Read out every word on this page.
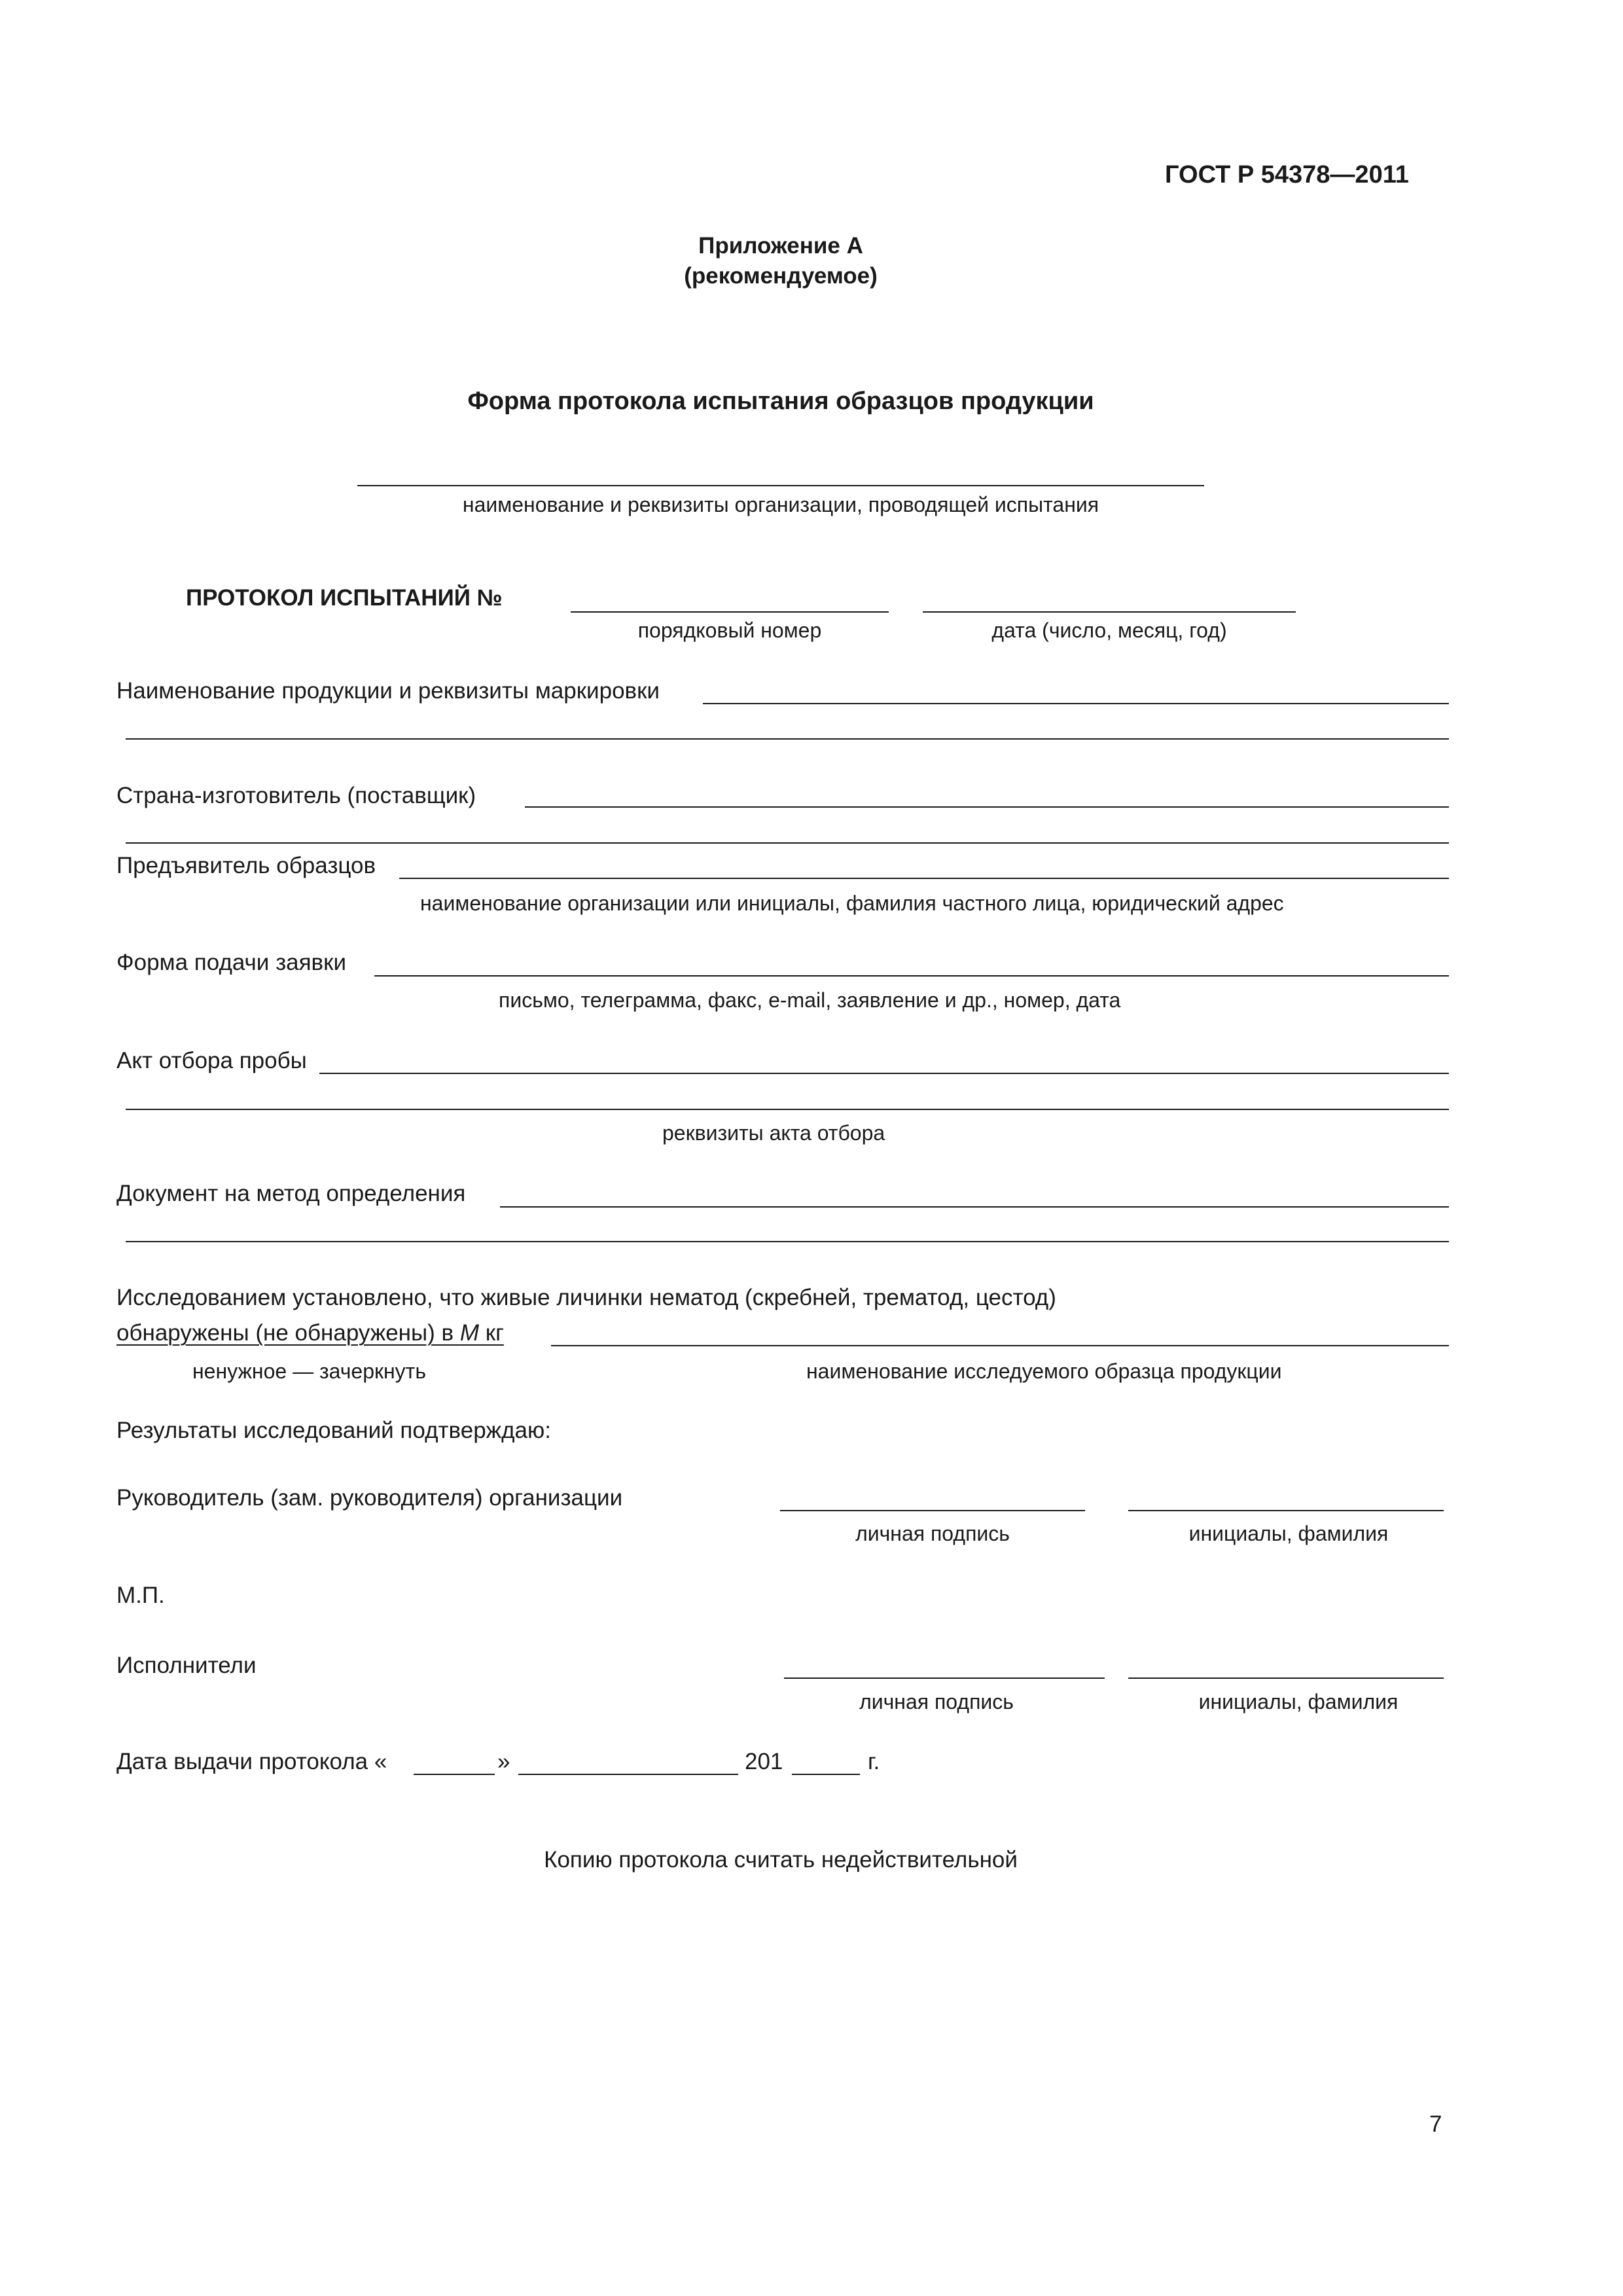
ГОСТ Р 54378—2011
Приложение А
(рекомендуемое)
Форма протокола испытания образцов продукции
наименование и реквизиты организации, проводящей испытания
ПРОТОКОЛ ИСПЫТАНИЙ №
порядковый номер	дата (число, месяц, год)
Наименование продукции и реквизиты маркировки
Страна-изготовитель (поставщик)
Предъявитель образцов
наименование организации или инициалы, фамилия частного лица, юридический адрес
Форма подачи заявки
письмо, телеграмма, факс, e-mail, заявление и др., номер, дата
Акт отбора пробы
реквизиты акта отбора
Документ на метод определения
Исследованием установлено, что живые личинки нематод (скребней, трематод, цестод)
обнаружены (не обнаружены) в М кг
ненужное — зачеркнуть	наименование исследуемого образца продукции
Результаты исследований подтверждаю:
Руководитель (зам. руководителя) организации
личная подпись	инициалы, фамилия
М.П.
Исполнители
личная подпись	инициалы, фамилия
Дата выдачи протокола «	»	201	г.
Копию протокола считать недействительной
7
